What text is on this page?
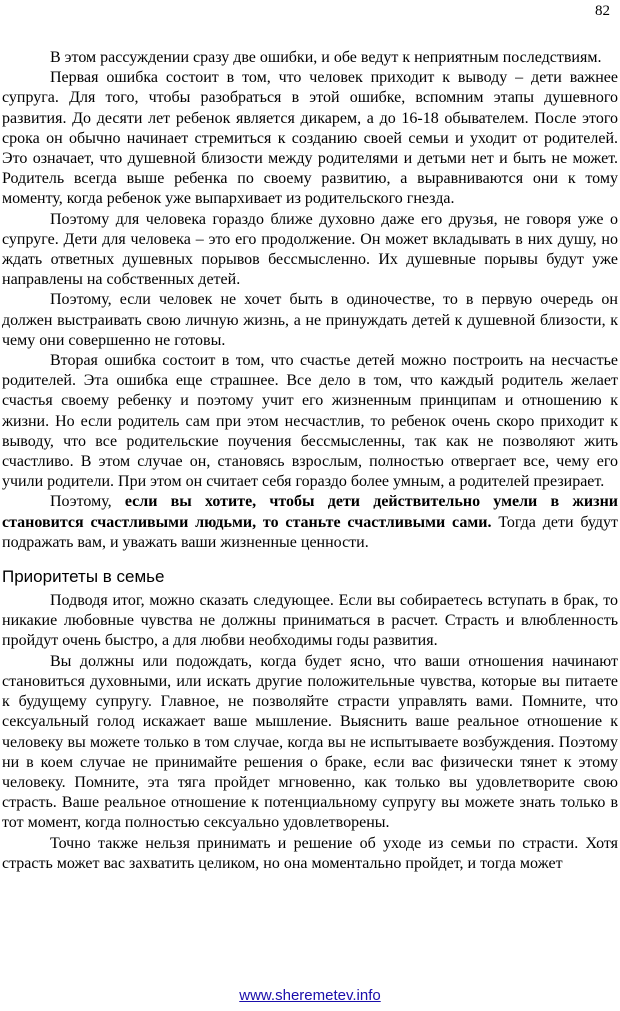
82

В этом рассуждении сразу две ошибки, и обе ведут к неприятным последствиям.

Первая ошибка состоит в том, что человек приходит к выводу – дети важнее супруга. Для того, чтобы разобраться в этой ошибке, вспомним этапы душевного развития. До десяти лет ребенок является дикарем, а до 16-18 обывателем. После этого срока он обычно начинает стремиться к созданию своей семьи и уходит от родителей. Это означает, что душевной близости между родителями и детьми нет и быть не может. Родитель всегда выше ребенка по своему развитию, а выравниваются они к тому моменту, когда ребенок уже выпархивает из родительского гнезда.

Поэтому для человека гораздо ближе духовно даже его друзья, не говоря уже о супруге. Дети для человека – это его продолжение. Он может вкладывать в них душу, но ждать ответных душевных порывов бессмысленно. Их душевные порывы будут уже направлены на собственных детей.

Поэтому, если человек не хочет быть в одиночестве, то в первую очередь он должен выстраивать свою личную жизнь, а не принуждать детей к душевной близости, к чему они совершенно не готовы.

Вторая ошибка состоит в том, что счастье детей можно построить на несчастье родителей. Эта ошибка еще страшнее. Все дело в том, что каждый родитель желает счастья своему ребенку и поэтому учит его жизненным принципам и отношению к жизни. Но если родитель сам при этом несчастлив, то ребенок очень скоро приходит к выводу, что все родительские поучения бессмысленны, так как не позволяют жить счастливо. В этом случае он, становясь взрослым, полностью отвергает все, чему его учили родители. При этом он считает себя гораздо более умным, а родителей презирает.

Поэтому, если вы хотите, чтобы дети действительно умели в жизни становится счастливыми людьми, то станьте счастливыми сами. Тогда дети будут подражать вам, и уважать ваши жизненные ценности.

Приоритеты в семье

Подводя итог, можно сказать следующее. Если вы собираетесь вступать в брак, то никакие любовные чувства не должны приниматься в расчет. Страсть и влюбленность пройдут очень быстро, а для любви необходимы годы развития.

Вы должны или подождать, когда будет ясно, что ваши отношения начинают становиться духовными, или искать другие положительные чувства, которые вы питаете к будущему супругу. Главное, не позволяйте страсти управлять вами. Помните, что сексуальный голод искажает ваше мышление. Выяснить ваше реальное отношение к человеку вы можете только в том случае, когда вы не испытываете возбуждения. Поэтому ни в коем случае не принимайте решения о браке, если вас физически тянет к этому человеку. Помните, эта тяга пройдет мгновенно, как только вы удовлетворите свою страсть. Ваше реальное отношение к потенциальному супругу вы можете знать только в тот момент, когда полностью сексуально удовлетворены.

Точно также нельзя принимать и решение об уходе из семьи по страсти. Хотя страсть может вас захватить целиком, но она моментально пройдет, и тогда может

www.sheremetev.info
